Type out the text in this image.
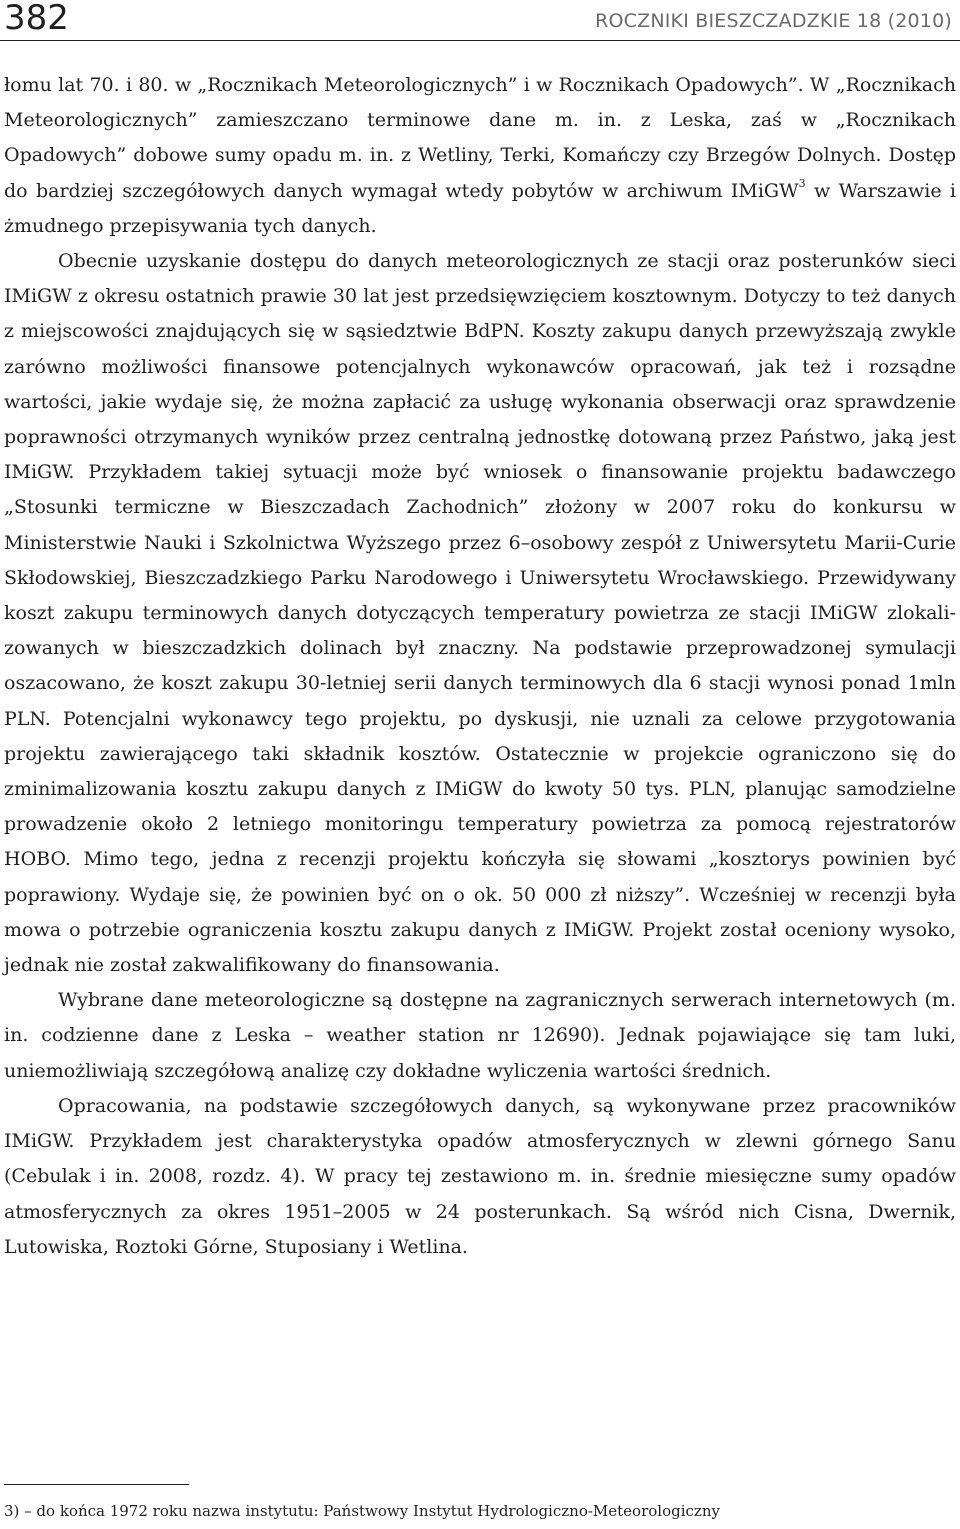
382	ROCZNIKI BIESZCZADZKIE 18 (2010)

łomu lat 70. i 80. w „Rocznikach Meteorologicznych” i w Rocznikach Opadowych”. W „Rocznikach Meteorologicznych” zamieszczano terminowe dane m. in. z Leska, zaś w „Rocznikach Opadowych” dobowe sumy opadu m. in. z Wetliny, Terki, Komańczy czy Brzegów Dolnych. Dostęp do bardziej szczegółowych danych wymagał wtedy pobytów w archiwum IMiGW$^3$ w Warszawie i żmudnego przepisywania tych danych.

Obecnie uzyskanie dostępu do danych meteorologicznych ze stacji oraz posterunków sieci IMiGW z okresu ostatnich prawie 30 lat jest przedsięwzięciem kosztownym. Dotyczy to też danych z miejscowości znajdujących się w sąsiedztwie BdPN. Koszty zakupu danych przewyższają zwykle zarówno możliwości finansowe potencjalnych wykonawców opracowań, jak też i rozsądne wartości, jakie wydaje się, że można zapłacić za usługę wykonania obserwacji oraz sprawdzenie poprawności otrzymanych wyników przez centralną jednostkę dotowaną przez Państwo, jaką jest IMiGW. Przykładem takiej sytuacji może być wniosek o finansowanie projektu badawczego „Stosunki termiczne w Bieszczadach Zachodnich” złożony w 2007 roku do konkursu w Ministerstwie Nauki i Szkolnictwa Wyższego przez 6–osobowy zespół z Uniwersytetu Marii-Curie Skłodowskiej, Bieszczadzkiego Parku Narodowego i Uniwersytetu Wrocławskiego. Przewidywany koszt zakupu terminowych danych dotyczących temperatury powietrza ze stacji IMiGW zlokalizowanych w bieszczadzkich dolinach był znaczny. Na podstawie przeprowadzonej symulacji oszacowano, że koszt zakupu 30-letniej serii danych terminowych dla 6 stacji wynosi ponad 1mln PLN. Potencjalni wykonawcy tego projektu, po dyskusji, nie uznali za celowe przygotowania projektu zawierającego taki składnik kosztów. Ostatecznie w projekcie ograniczono się do zminimalizowania kosztu zakupu danych z IMiGW do kwoty 50 tys. PLN, planując samodzielne prowadzenie około 2 letniego monitoringu temperatury powietrza za pomocą rejestratorów HOBO. Mimo tego, jedna z recenzji projektu kończyła się słowami „kosztorys powinien być poprawiony. Wydaje się, że powinien być on o ok. 50 000 zł niższy”. Wcześniej w recenzji była mowa o potrzebie ograniczenia kosztu zakupu danych z IMiGW. Projekt został oceniony wysoko, jednak nie został zakwalifikowany do finansowania.

Wybrane dane meteorologiczne są dostępne na zagranicznych serwerach internetowych (m. in. codzienne dane z Leska – weather station nr 12690). Jednak pojawiające się tam luki, uniemożliwiają szczegółową analizę czy dokładne wyliczenia wartości średnich.

Opracowania, na podstawie szczegółowych danych, są wykonywane przez pracowników IMiGW. Przykładem jest charakterystyka opadów atmosferycznych w zlewni górnego Sanu (Cebulak i in. 2008, rozdz. 4). W pracy tej zestawiono m. in. średnie miesięczne sumy opadów atmosferycznych za okres 1951–2005 w 24 posterunkach. Są wśród nich Cisna, Dwernik, Lutowiska, Roztoki Górne, Stuposiany i Wetlina.

3) – do końca 1972 roku nazwa instytutu: Państwowy Instytut Hydrologiczno-Meteorologiczny
